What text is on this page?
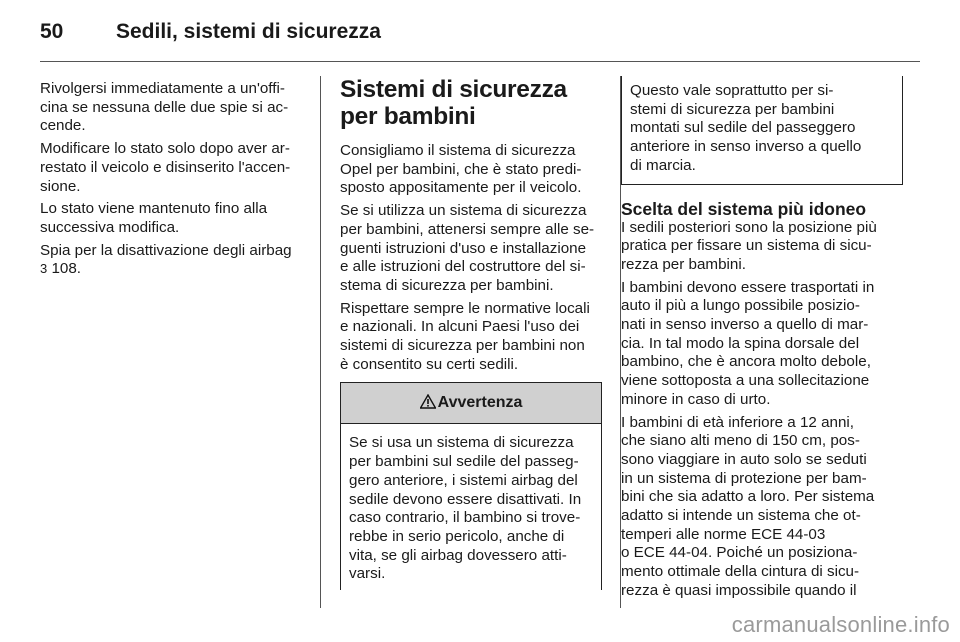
50	Sedili, sistemi di sicurezza

Rivolgersi immediatamente a un'offi-
cina se nessuna delle due spie si ac-
cende.

Modificare lo stato solo dopo aver ar-
restato il veicolo e disinserito l'accen-
sione.

Lo stato viene mantenuto fino alla
successiva modifica.

Spia per la disattivazione degli airbag
3 108.

Sistemi di sicurezza per bambini

Consigliamo il sistema di sicurezza
Opel per bambini, che è stato predi-
sposto appositamente per il veicolo.

Se si utilizza un sistema di sicurezza
per bambini, attenersi sempre alle se-
guenti istruzioni d'uso e installazione
e alle istruzioni del costruttore del si-
stema di sicurezza per bambini.

Rispettare sempre le normative locali
e nazionali. In alcuni Paesi l'uso dei
sistemi di sicurezza per bambini non
è consentito su certi sedili.

Avvertenza
Se si usa un sistema di sicurezza
per bambini sul sedile del passeg-
gero anteriore, i sistemi airbag del
sedile devono essere disattivati. In
caso contrario, il bambino si trove-
rebbe in serio pericolo, anche di
vita, se gli airbag dovessero atti-
varsi.
Questo vale soprattutto per si-
stemi di sicurezza per bambini
montati sul sedile del passeggero
anteriore in senso inverso a quello
di marcia.
Scelta del sistema più idoneo

I sedili posteriori sono la posizione più
pratica per fissare un sistema di sicu-
rezza per bambini.

I bambini devono essere trasportati in
auto il più a lungo possibile posizio-
nati in senso inverso a quello di mar-
cia. In tal modo la spina dorsale del
bambino, che è ancora molto debole,
viene sottoposta a una sollecitazione
minore in caso di urto.

I bambini di età inferiore a 12 anni,
che siano alti meno di 150 cm, pos-
sono viaggiare in auto solo se seduti
in un sistema di protezione per bam-
bini che sia adatto a loro. Per sistema
adatto si intende un sistema che ot-
temperi alle norme ECE 44-03
o ECE 44-04. Poiché un posiziona-
mento ottimale della cintura di sicu-
rezza è quasi impossibile quando il

carmanualsonline.info
